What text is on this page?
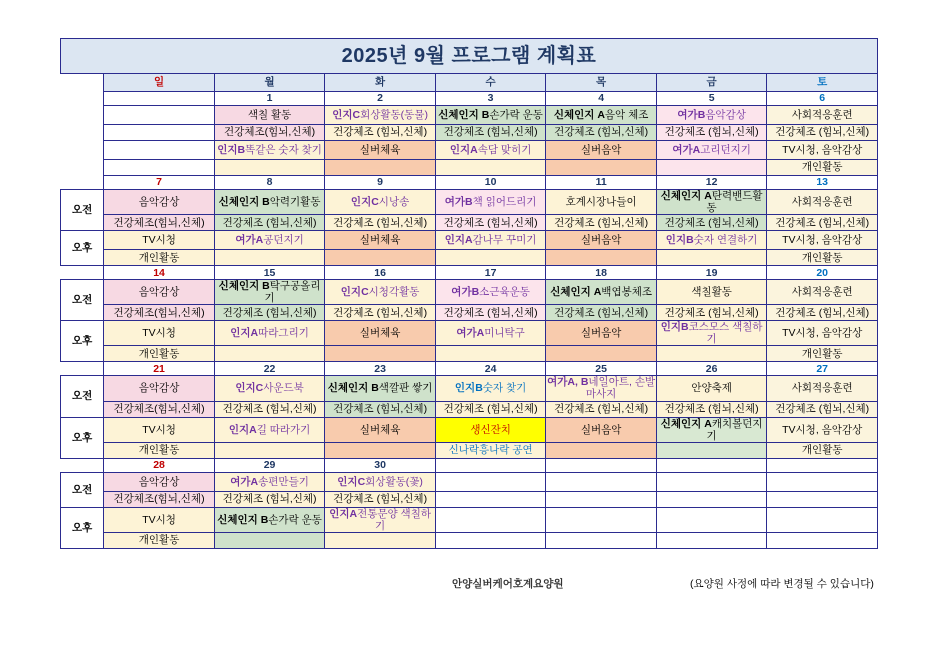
2025년 9월 프로그램 계획표							
	일	월	화	수	목	금	토
		1	2	3	4	5	6
		색칠 활동	인지C회상활동(동물)	신체인지 B손가락 운동	신체인지 A음악 체조	여가B음악감상	사회적응훈련
		건강체조(힘뇌,신체)	건강체조 (힘뇌,신체)	건강체조 (힘뇌,신체)	건강체조 (힘뇌,신체)	건강체조 (힘뇌,신체)	건강체조 (힘뇌,신체)
		인지B똑같은 숫자 찾기	실버체육	인지A속담 맞히기	실버음악	여가A고리던지기	TV시청, 음악감상
							개인활동
	7	8	9	10	11	12	13
오전	음악감상	신체인지 B악력기활동	인지C시낭송	여가B책 읽어드리기	호계시장나들이	신체인지 A탄력밴드활동	사회적응훈련
	건강체조(힘뇌,신체)	건강체조 (힘뇌,신체)	건강체조 (힘뇌,신체)	건강체조 (힘뇌,신체)	건강체조 (힘뇌,신체)	건강체조 (힘뇌,신체)	건강체조 (힘뇌,신체)
오후	TV시청	여가A공던지기	실버체육	인지A감나무 꾸미기	실버음악	인지B숫자 연결하기	TV시청, 음악감상
	개인활동						개인활동
	14	15	16	17	18	19	20
오전	음악감상	신체인지 B탁구공올리기	인지C시청각활동	여가B소근육운동	신체인지 A백엽봉체조	색칠활동	사회적응훈련
	건강체조(힘뇌,신체)	건강체조 (힘뇌,신체)	건강체조 (힘뇌,신체)	건강체조 (힘뇌,신체)	건강체조 (힘뇌,신체)	건강체조 (힘뇌,신체)	건강체조 (힘뇌,신체)
오후	TV시청	인지A따라그리기	실버체육	여가A미니탁구	실버음악	인지B코스모스 색칠하기	TV시청, 음악감상
	개인활동						개인활동
	21	22	23	24	25	26	27
오전	음악감상	인지C사운드북	신체인지 B색깔판 쌓기	인지B숫자 찾기	여가A, B네일아트, 손발마사지	안양축제	사회적응훈련
	건강체조(힘뇌,신체)	건강체조 (힘뇌,신체)	건강체조 (힘뇌,신체)	건강체조 (힘뇌,신체)	건강체조 (힘뇌,신체)	건강체조 (힘뇌,신체)	건강체조 (힘뇌,신체)
오후	TV시청	인지A길 따라가기	실버체육	생신잔치	실버음악	신체인지 A캐치볼던지기	TV시청, 음악감상
	개인활동			신나락흥나락 공연			개인활동
	28	29	30				
오전	음악감상	여가A송편만들기	인지C회상활동(꽃)				
	건강체조(힘뇌,신체)	건강체조 (힘뇌,신체)	건강체조 (힘뇌,신체)				
오후	TV시청	신체인지 B손가락 운동	인지A전통문양 색칠하기				
	개인활동						
안양실버케어호계요양원	(요양원 사정에 따라 변경될 수 있습니다)
